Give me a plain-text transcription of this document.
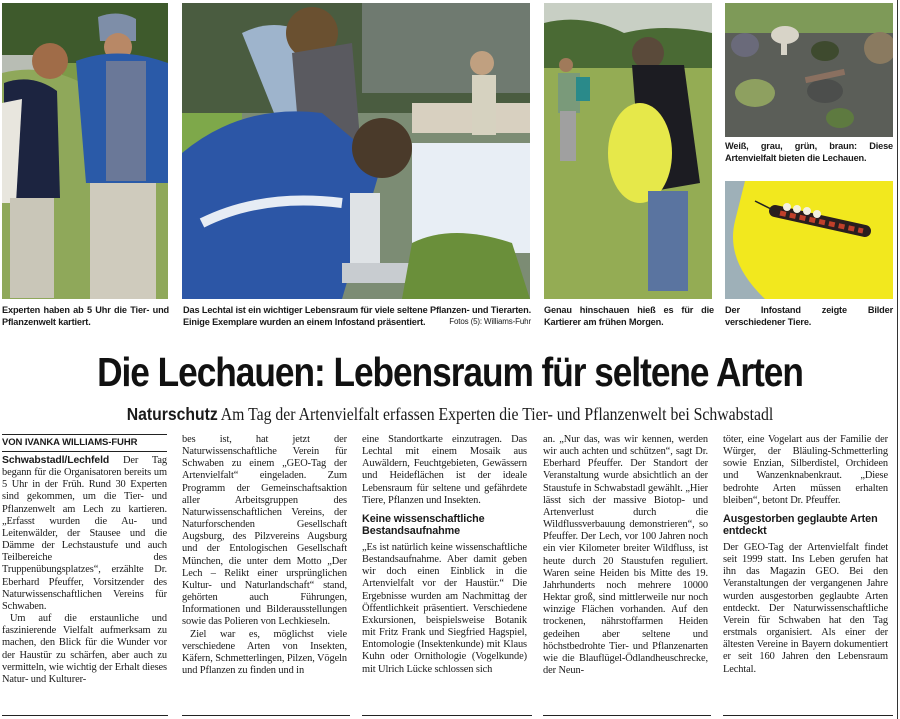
Experten haben ab 5 Uhr die Tier- und Pflanzenwelt kartiert.
Das Lechtal ist ein wichtiger Lebensraum für viele seltene Pflanzen- und Tierarten. Einige Exemplare wurden an einem Infostand präsentiert.	Fotos (5): Williams-Fuhr
Genau hinschauen hieß es für die Kartierer am frühen Morgen.
Weiß, grau, grün, braun: Diese Artenvielfalt bieten die Lechauen.
Der Infostand zeigte Bilder verschiedener Tiere.
Die Lechauen: Lebensraum für seltene Arten
Naturschutz Am Tag der Artenvielfalt erfassen Experten die Tier- und Pflanzenwelt bei Schwabstadl
VON IVANKA WILLIAMS-FUHR

Schwabstadl/Lechfeld Der Tag begann für die Organisatoren bereits um 5 Uhr in der Früh. Rund 30 Experten sind gekommen, um die Tier- und Pflanzenwelt am Lech zu kartieren. „Erfasst wurden die Au- und Leitenwälder, der Stausee und die Dämme der Lechstaustufe und auch Teilbereiche des Truppenübungsplatzes“, erzählte Dr. Eberhard Pfeuffer, Vorsitzender des Naturwissenschaftlichen Vereins für Schwaben.

Um auf die erstaunliche und faszinierende Vielfalt aufmerksam zu machen, den Blick für die Wunder vor der Haustür zu schärfen, aber auch zu vermitteln, wie wichtig der Erhalt dieses Natur- und Kulturer-

bes ist, hat jetzt der Naturwissenschaftliche Verein für Schwaben zu einem „GEO-Tag der Artenvielfalt“ eingeladen. Zum Programm der Gemeinschaftsaktion aller Arbeitsgruppen des Naturwissenschaftlichen Vereins, der Naturforschenden Gesellschaft Augsburg, des Pilzvereins Augsburg und der Entologischen Gesellschaft München, die unter dem Motto „Der Lech – Relikt einer ursprünglichen Kultur- und Naturlandschaft“ stand, gehörten auch Führungen, Informationen und Bilderausstellungen sowie das Polieren von Lechkieseln.

Ziel war es, möglichst viele verschiedene Arten von Insekten, Käfern, Schmetterlingen, Pilzen, Vögeln und Pflanzen zu finden und in

eine Standortkarte einzutragen. Das Lechtal mit einem Mosaik aus Auwäldern, Feuchtgebieten, Gewässern und Heideflächen ist der ideale Lebensraum für seltene und gefährdete Tiere, Pflanzen und Insekten.

Keine wissenschaftliche Bestandsaufnahme

„Es ist natürlich keine wissenschaftliche Bestandsaufnahme. Aber damit geben wir doch einen Einblick in die Artenvielfalt vor der Haustür.“ Die Ergebnisse wurden am Nachmittag der Öffentlichkeit präsentiert. Verschiedene Exkursionen, beispielsweise Botanik mit Fritz Frank und Siegfried Hagspiel, Entomologie (Insektenkunde) mit Klaus Kuhn oder Ornithologie (Vogelkunde) mit Ulrich Lücke schlossen sich

an. „Nur das, was wir kennen, werden wir auch achten und schützen“, sagt Dr. Eberhard Pfeuffer. Der Standort der Veranstaltung wurde absichtlich an der Staustufe in Schwabstadl gewählt. „Hier lässt sich der massive Biotop- und Artenverlust durch die Wildflussverbauung demonstrieren“, so Pfeuffer. Der Lech, vor 100 Jahren noch ein vier Kilometer breiter Wildfluss, ist heute durch 20 Staustufen reguliert. Waren seine Heiden bis Mitte des 19. Jahrhunderts noch mehrere 10000 Hektar groß, sind mittlerweile nur noch winzige Flächen vorhanden. Auf den trockenen, nährstoffarmen Heiden gedeihen aber seltene und höchstbedrohte Tier- und Pflanzenarten wie die Blauflügel-Ödlandheuschrecke, der Neun-

töter, eine Vogelart aus der Familie der Würger, der Bläuling-Schmetterling sowie Enzian, Silberdistel, Orchideen und Wanzenknabenkraut. „Diese bedrohte Arten müssen erhalten bleiben“, betont Dr. Pfeuffer.

Ausgestorben geglaubte Arten entdeckt

Der GEO-Tag der Artenvielfalt findet seit 1999 statt. Ins Leben gerufen hat ihn das Magazin GEO. Bei den Veranstaltungen der vergangenen Jahre wurden ausgestorben geglaubte Arten entdeckt. Der Naturwissenschaftliche Verein für Schwaben hat den Tag erstmals organisiert. Als einer der ältesten Vereine in Bayern dokumentiert er seit 160 Jahren den Lebensraum Lechtal.
